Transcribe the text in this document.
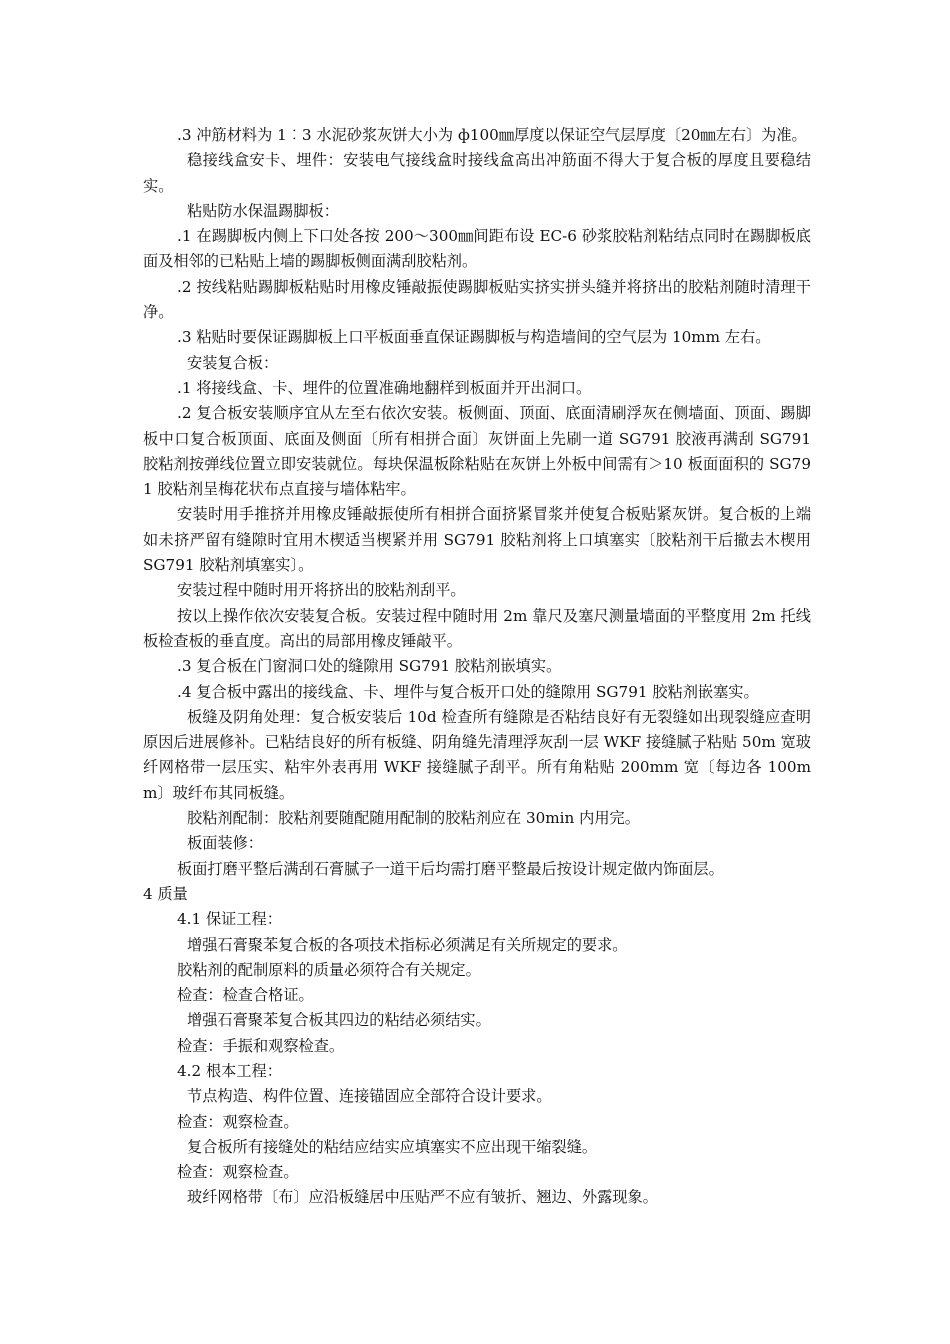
.3 冲筋材料为 1︰3 水泥砂浆灰饼大小为 ф100㎜厚度以保证空气层厚度〔20㎜左右〕为准。

稳接线盒安卡、埋件：安装电气接线盒时接线盒高出冲筋面不得大于复合板的厚度且要稳结实。

粘贴防水保温踢脚板：

.1 在踢脚板内侧上下口处各按 200～300㎜间距布设 EC-6 砂浆胶粘剂粘结点同时在踢脚板底面及相邻的已粘贴上墙的踢脚板侧面满刮胶粘剂。

.2 按线粘贴踢脚板粘贴时用橡皮锤敲振使踢脚板贴实挤实拼头缝并将挤出的胶粘剂随时清理干净。

.3 粘贴时要保证踢脚板上口平板面垂直保证踢脚板与构造墙间的空气层为 10mm 左右。

安装复合板：

.1 将接线盒、卡、埋件的位置准确地翻样到板面并开出洞口。

.2 复合板安装顺序宜从左至右依次安装。板侧面、顶面、底面清刷浮灰在侧墙面、顶面、踢脚板中口复合板顶面、底面及侧面〔所有相拼合面〕灰饼面上先刷一道 SG791 胶液再满刮 SG791 胶粘剂按弹线位置立即安装就位。每块保温板除粘贴在灰饼上外板中间需有＞10 板面面积的 SG791 胶粘剂呈梅花状布点直接与墙体粘牢。

安装时用手推挤并用橡皮锤敲振使所有相拼合面挤紧冒浆并使复合板贴紧灰饼。复合板的上端如未挤严留有缝隙时宜用木楔适当楔紧并用 SG791 胶粘剂将上口填塞实〔胶粘剂干后撤去木楔用 SG791 胶粘剂填塞实〕。

安装过程中随时用开将挤出的胶粘剂刮平。

按以上操作依次安装复合板。安装过程中随时用 2m 靠尺及塞尺测量墙面的平整度用 2m 托线板检查板的垂直度。高出的局部用橡皮锤敲平。

.3 复合板在门窗洞口处的缝隙用 SG791 胶粘剂嵌填实。

.4 复合板中露出的接线盒、卡、埋件与复合板开口处的缝隙用 SG791 胶粘剂嵌塞实。

板缝及阴角处理：复合板安装后 10d 检查所有缝隙是否粘结良好有无裂缝如出现裂缝应查明原因后进展修补。已粘结良好的所有板缝、阴角缝先清理浮灰刮一层 WKF 接缝腻子粘贴 50m 宽玻纤网格带一层压实、粘牢外表再用 WKF 接缝腻子刮平。所有角粘贴 200mm 宽〔每边各 100mm〕玻纤布其同板缝。

胶粘剂配制：胶粘剂要随配随用配制的胶粘剂应在 30min 内用完。

板面装修：

板面打磨平整后满刮石膏腻子一道干后均需打磨平整最后按设计规定做内饰面层。

4 质量

4.1 保证工程：

增强石膏聚苯复合板的各项技术指标必须满足有关所规定的要求。

胶粘剂的配制原料的质量必须符合有关规定。

检查：检查合格证。

增强石膏聚苯复合板其四边的粘结必须结实。

检查：手振和观察检查。

4.2 根本工程：

节点构造、构件位置、连接锚固应全部符合设计要求。

检查：观察检查。

复合板所有接缝处的粘结应结实应填塞实不应出现干缩裂缝。

检查：观察检查。

玻纤网格带〔布〕应沿板缝居中压贴严不应有皱折、翘边、外露现象。
